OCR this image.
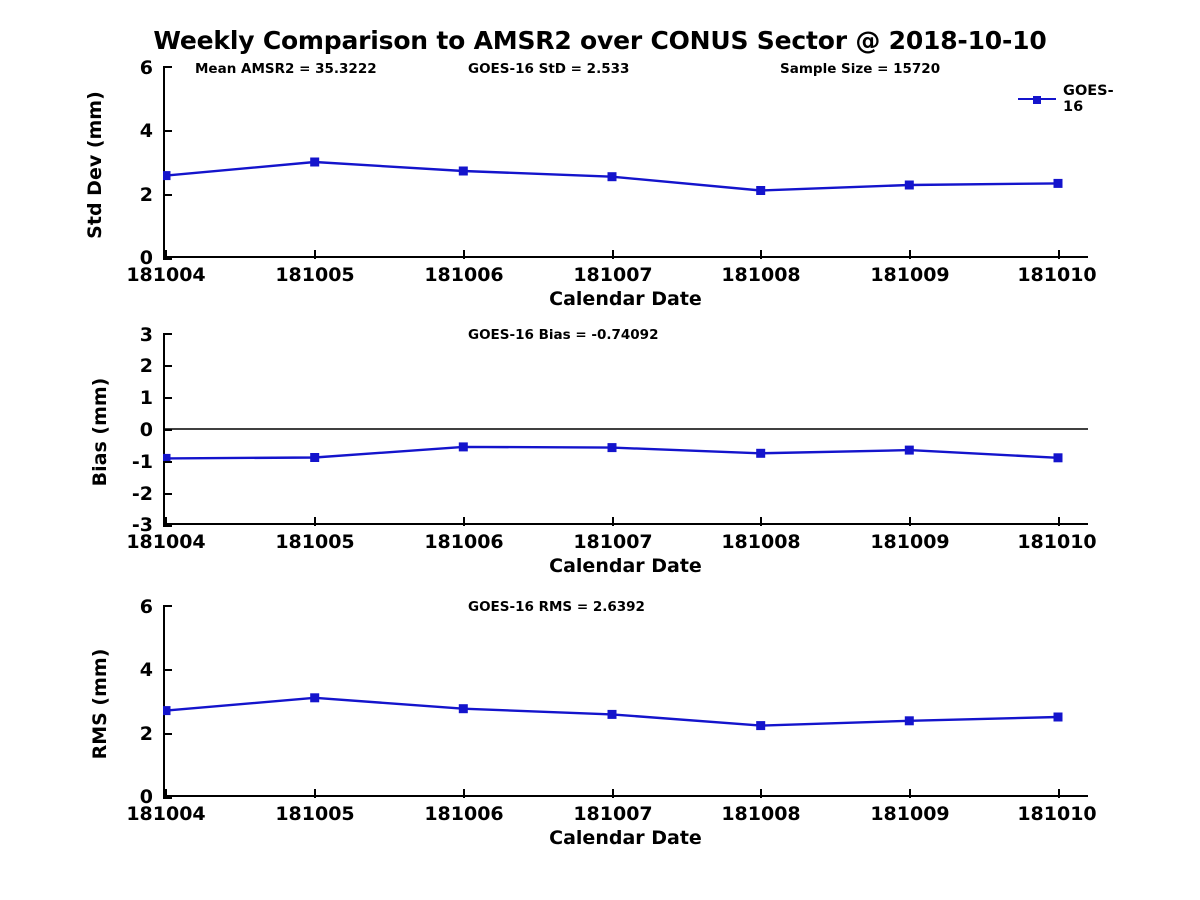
Weekly Comparison to AMSR2 over CONUS Sector @ 2018-10-10
0
2
4
6
181004	181005	181006	181007	181008	181009	181010
Calendar Date
Std Dev (mm)
Mean AMSR2 = 35.3222	GOES-16 StD = 2.533	Sample Size = 15720
GOES-16
-3
-2
-1
0
1
2
3
181004	181005	181006	181007	181008	181009	181010
Calendar Date
Bias (mm)
GOES-16 Bias = -0.74092
0
2
4
6
181004	181005	181006	181007	181008	181009	181010
Calendar Date
RMS (mm)
GOES-16 RMS = 2.6392
